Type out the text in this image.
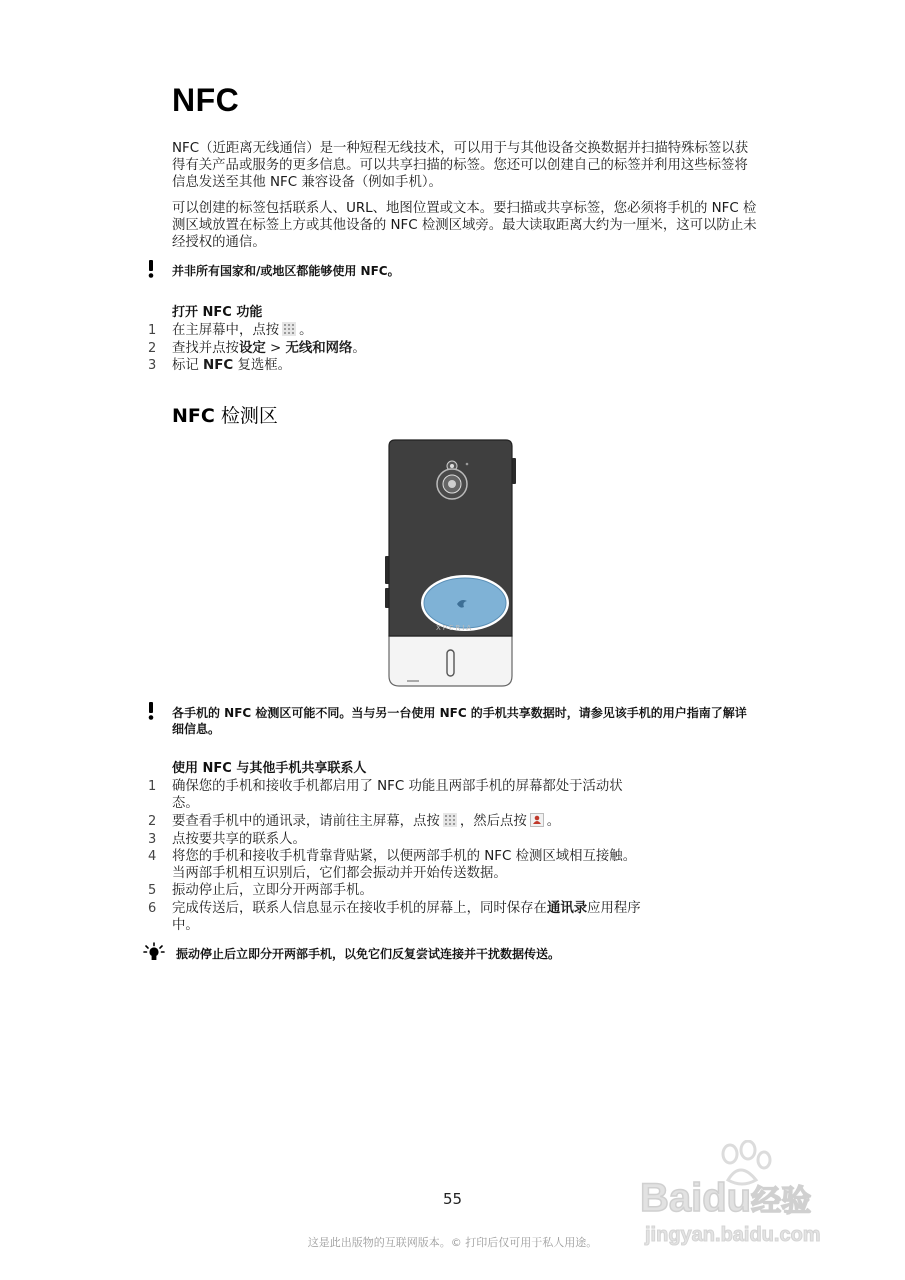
NFC

NFC（近距离无线通信）是一种短程无线技术，可以用于与其他设备交换数据并扫描特殊标签以获得有关产品或服务的更多信息。可以共享扫描的标签。您还可以创建自己的标签并利用这些标签将信息发送至其他 NFC 兼容设备（例如手机）。

可以创建的标签包括联系人、URL、地图位置或文本。要扫描或共享标签，您必须将手机的 NFC 检测区域放置在标签上方或其他设备的 NFC 检测区域旁。最大读取距离大约为一厘米，这可以防止未经授权的通信。

并非所有国家和/或地区都能够使用 NFC。
打开 NFC 功能
1 在主屏幕中，点按 。
2 查找并点按设定 > 无线和网络。
3 标记 NFC 复选框。
NFC 检测区
XPERIA
各手机的 NFC 检测区可能不同。当与另一台使用 NFC 的手机共享数据时，请参见该手机的用户指南了解详细信息。
使用 NFC 与其他手机共享联系人
1 确保您的手机和接收手机都启用了 NFC 功能且两部手机的屏幕都处于活动状
态。
2 要查看手机中的通讯录，请前往主屏幕，点按 ，然后点按 。
3 点按要共享的联系人。
4 将您的手机和接收手机背靠背贴紧，以便两部手机的 NFC 检测区域相互接触。
当两部手机相互识别后，它们都会振动并开始传送数据。
5 振动停止后，立即分开两部手机。
6 完成传送后，联系人信息显示在接收手机的屏幕上，同时保存在通讯录应用程序
中。
振动停止后立即分开两部手机，以免它们反复尝试连接并干扰数据传送。
55
这是此出版物的互联网版本。© 打印后仅可用于私人用途。
Baidu经验
jingyan.baidu.com
